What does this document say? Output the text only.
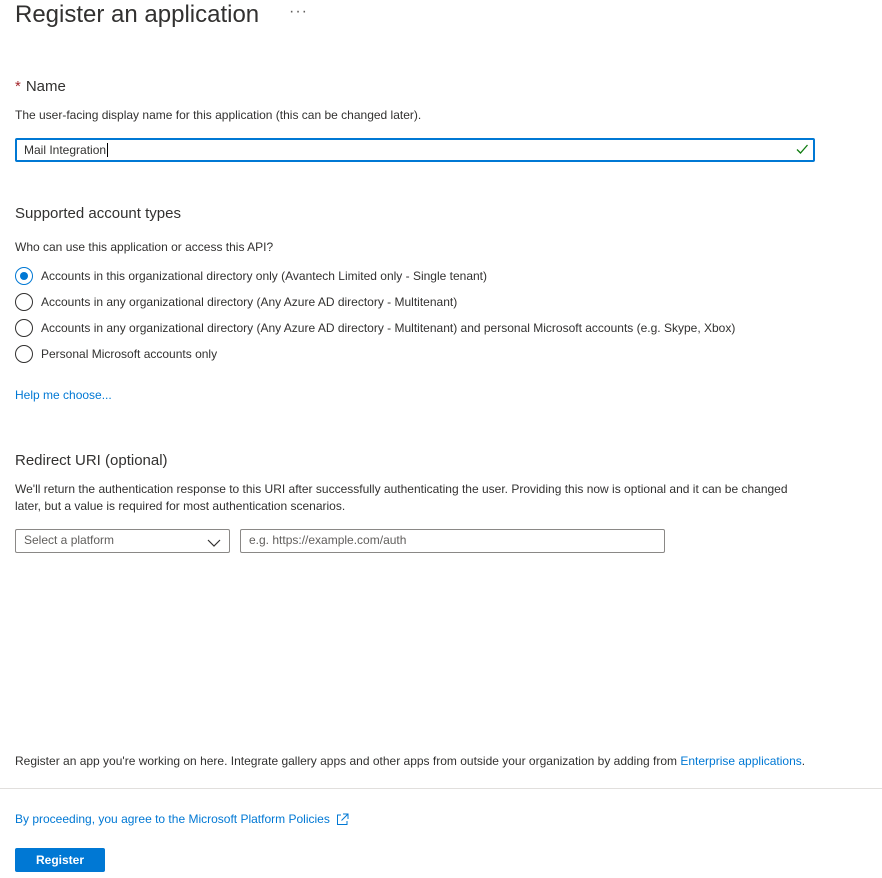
Register an application ···
* Name
The user-facing display name for this application (this can be changed later).
Mail Integration
Supported account types
Who can use this application or access this API?
Accounts in this organizational directory only (Avantech Limited only - Single tenant)
Accounts in any organizational directory (Any Azure AD directory - Multitenant)
Accounts in any organizational directory (Any Azure AD directory - Multitenant) and personal Microsoft accounts (e.g. Skype, Xbox)
Personal Microsoft accounts only
Help me choose...
Redirect URI (optional)
We'll return the authentication response to this URI after successfully authenticating the user. Providing this now is optional and it can be changed later, but a value is required for most authentication scenarios.
Select a platform	e.g. https://example.com/auth
Register an app you're working on here. Integrate gallery apps and other apps from outside your organization by adding from Enterprise applications.
By proceeding, you agree to the Microsoft Platform Policies
Register
